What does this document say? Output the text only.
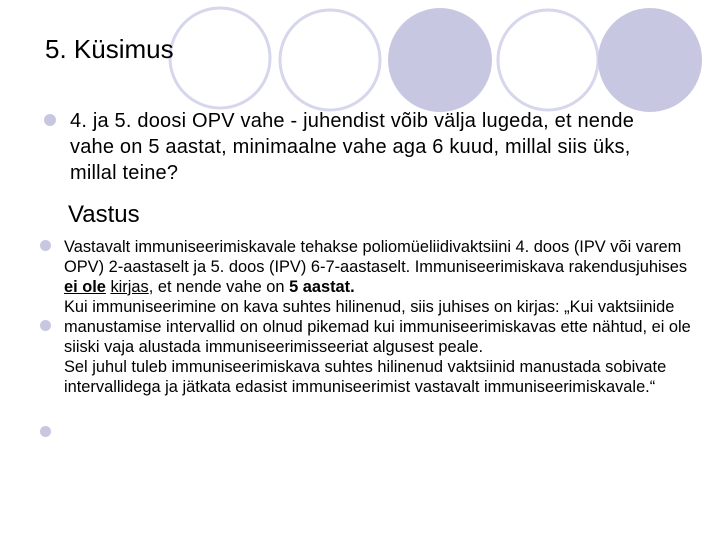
5. Küsimus
4. ja 5. doosi OPV vahe - juhendist võib välja lugeda, et nende vahe on 5 aastat, minimaalne vahe aga 6 kuud, millal siis üks, millal teine?
Vastus

Vastavalt immuniseerimiskavale tehakse poliomüeliidivaktsiini 4. doos (IPV või varem OPV) 2-aastaselt ja 5. doos (IPV) 6-7-aastaselt. Immuniseerimiskava rakendusjuhises ei ole kirjas, et nende vahe on 5 aastat.

Kui immuniseerimine on kava suhtes hilinenud, siis juhises on kirjas: „Kui vaktsiinide manustamise intervallid on olnud pikemad kui immuniseerimiskavas ette nähtud, ei ole siiski vaja alustada immuniseerimisseeriat algusest peale.

Sel juhul tuleb immuniseerimiskava suhtes hilinenud vaktsiinid manustada sobivate intervallidega ja jätkata edasist immuniseerimist vastavalt immuniseerimiskavale.“
